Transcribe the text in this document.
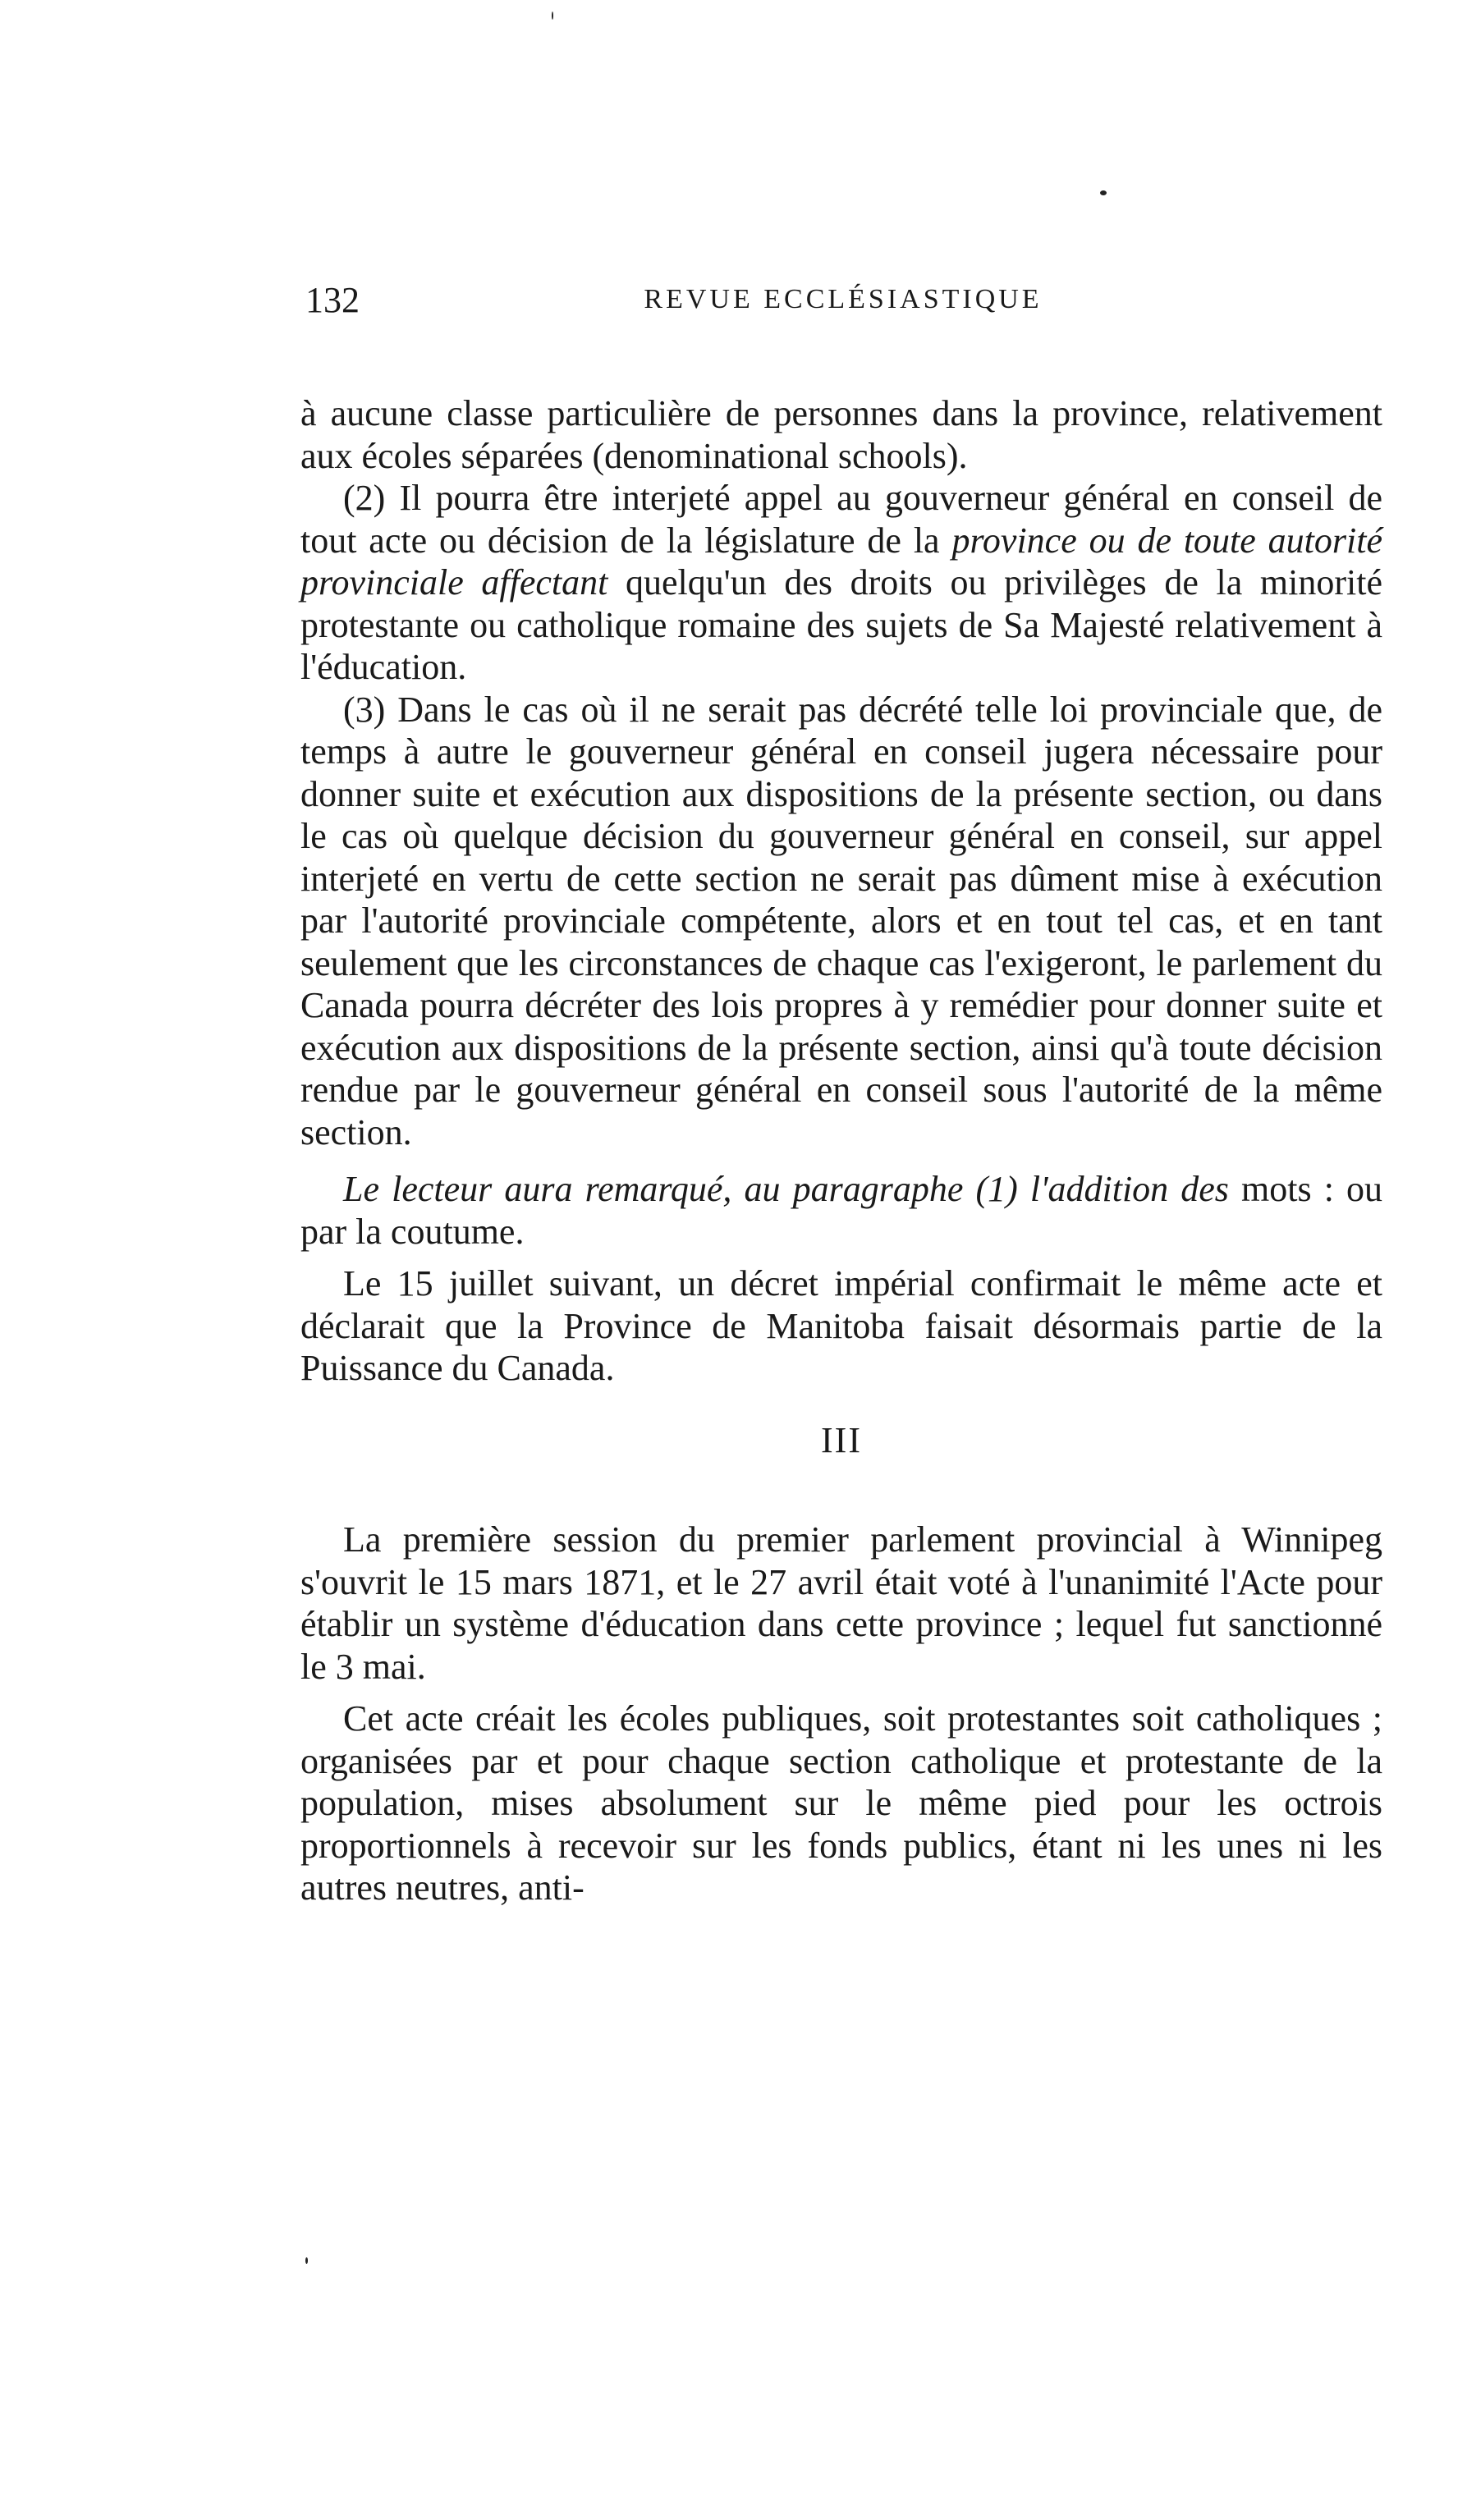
132	REVUE ECCLÉSIASTIQUE

à aucune classe particulière de personnes dans la province, relativement aux écoles séparées (denominational schools).

(2) Il pourra être interjeté appel au gouverneur général en conseil de tout acte ou décision de la législature de la province ou de toute autorité provinciale affectant quelqu'un des droits ou privilèges de la minorité protestante ou catholique romaine des sujets de Sa Majesté relativement à l'éducation.

(3) Dans le cas où il ne serait pas décrété telle loi provinciale que, de temps à autre le gouverneur général en conseil jugera nécessaire pour donner suite et exécution aux dispositions de la présente section, ou dans le cas où quelque décision du gouverneur général en conseil, sur appel interjeté en vertu de cette section ne serait pas dûment mise à exécution par l'autorité provinciale compétente, alors et en tout tel cas, et en tant seulement que les circonstances de chaque cas l'exigeront, le parlement du Canada pourra décréter des lois propres à y remédier pour donner suite et exécution aux dispositions de la présente section, ainsi qu'à toute décision rendue par le gouverneur général en conseil sous l'autorité de la même section.

Le lecteur aura remarqué, au paragraphe (1) l'addition des mots : ou par la coutume.

Le 15 juillet suivant, un décret impérial confirmait le même acte et déclarait que la Province de Manitoba faisait désormais partie de la Puissance du Canada.

III

La première session du premier parlement provincial à Winnipeg s'ouvrit le 15 mars 1871, et le 27 avril était voté à l'unanimité l'Acte pour établir un système d'éducation dans cette province ; lequel fut sanctionné le 3 mai.

Cet acte créait les écoles publiques, soit protestantes soit catholiques ; organisées par et pour chaque section catholique et protestante de la population, mises absolument sur le même pied pour les octrois proportionnels à recevoir sur les fonds publics, étant ni les unes ni les autres neutres, anti-
